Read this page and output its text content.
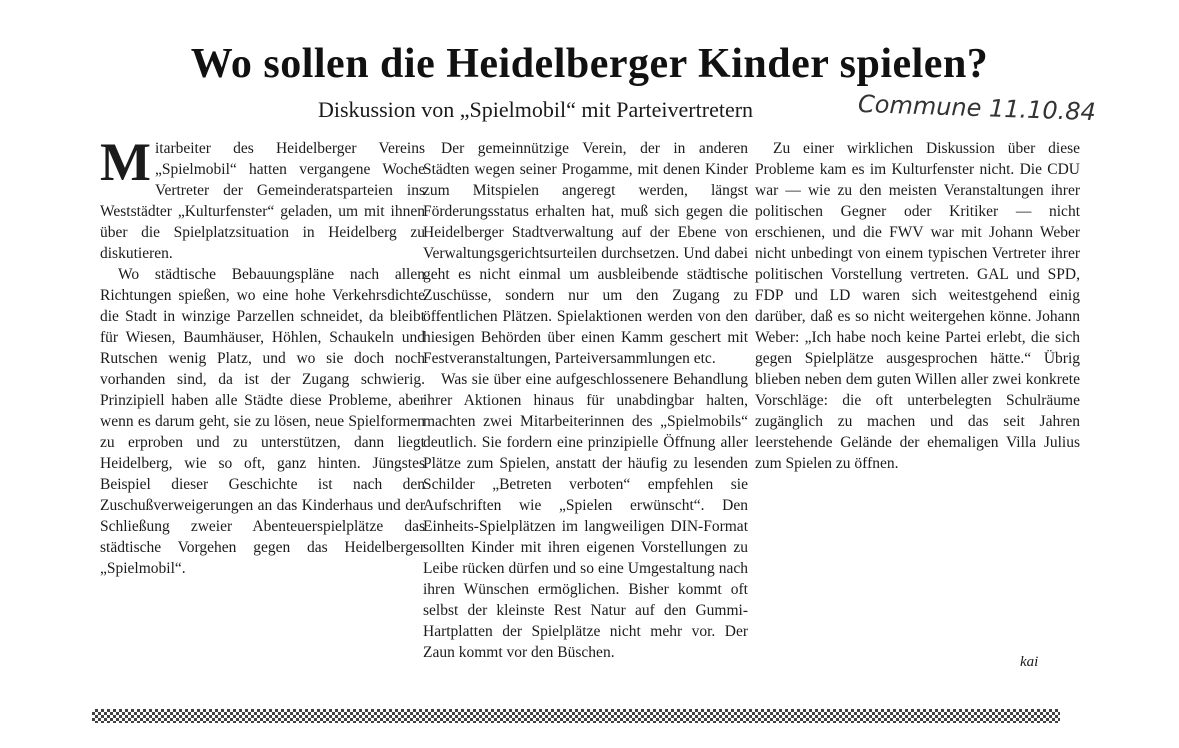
Wo sollen die Heidelberger Kinder spielen?
Diskussion von „Spielmobil“ mit Parteivertretern	Commune 11.10.84

Mitarbeiter des Heidelberger Vereins „Spielmobil“ hatten vergangene Woche Vertreter der Gemeinderatsparteien ins Weststädter „Kulturfenster“ geladen, um mit ihnen über die Spielplatzsituation in Heidelberg zu diskutieren.

Wo städtische Bebauungspläne nach allen Richtungen spießen, wo eine hohe Verkehrsdichte die Stadt in winzige Parzellen schneidet, da bleibt für Wiesen, Baumhäuser, Höhlen, Schaukeln und Rutschen wenig Platz, und wo sie doch noch vorhanden sind, da ist der Zugang schwierig. Prinzipiell haben alle Städte diese Probleme, aber wenn es darum geht, sie zu lösen, neue Spielformen zu erproben und zu unterstützen, dann liegt Heidelberg, wie so oft, ganz hinten. Jüngstes Beispiel dieser Geschichte ist nach den Zuschußverweigerungen an das Kinderhaus und der Schließung zweier Abenteuerspielplätze das städtische Vorgehen gegen das Heidelberger „Spielmobil“.

Der gemeinnützige Verein, der in anderen Städten wegen seiner Progamme, mit denen Kinder zum Mitspielen angeregt werden, längst Förderungsstatus erhalten hat, muß sich gegen die Heidelberger Stadtverwaltung auf der Ebene von Verwaltungsgerichtsurteilen durchsetzen. Und dabei geht es nicht einmal um ausbleibende städtische Zuschüsse, sondern nur um den Zugang zu öffentlichen Plätzen. Spielaktionen werden von den hiesigen Behörden über einen Kamm geschert mit Festveranstaltungen, Parteiversammlungen etc.

Was sie über eine aufgeschlossenere Behandlung ihrer Aktionen hinaus für unabdingbar halten, machten zwei Mitarbeiterinnen des „Spielmobils“ deutlich. Sie fordern eine prinzipielle Öffnung aller Plätze zum Spielen, anstatt der häufig zu lesenden Schilder „Betreten verboten“ empfehlen sie Aufschriften wie „Spielen erwünscht“. Den Einheits-Spielplätzen im langweiligen DIN-Format sollten Kinder mit ihren eigenen Vorstellungen zu Leibe rücken dürfen und so eine Umgestaltung nach ihren Wünschen ermöglichen. Bisher kommt oft selbst der kleinste Rest Natur auf den Gummi-Hartplatten der Spielplätze nicht mehr vor. Der Zaun kommt vor den Büschen.

Zu einer wirklichen Diskussion über diese Probleme kam es im Kulturfenster nicht. Die CDU war — wie zu den meisten Veranstaltungen ihrer politischen Gegner oder Kritiker — nicht erschienen, und die FWV war mit Johann Weber nicht unbedingt von einem typischen Vertreter ihrer politischen Vorstellung vertreten. GAL und SPD, FDP und LD waren sich weitestgehend einig darüber, daß es so nicht weitergehen könne. Johann Weber: „Ich habe noch keine Partei erlebt, die sich gegen Spielplätze ausgesprochen hätte.“ Übrig blieben neben dem guten Willen aller zwei konkrete Vorschläge: die oft unterbelegten Schulräume zugänglich zu machen und das seit Jahren leerstehende Gelände der ehemaligen Villa Julius zum Spielen zu öffnen.

kai
